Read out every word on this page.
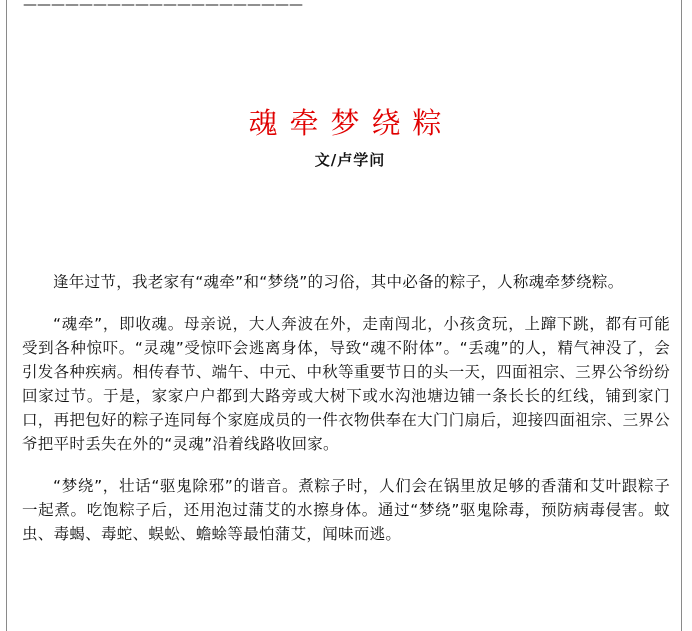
————————————————————
魂牵梦绕粽
文/卢学问

逢年过节，我老家有“魂牵”和“梦绕”的习俗，其中必备的粽子，人称魂牵梦绕粽。

“魂牵”，即收魂。母亲说，大人奔波在外，走南闯北，小孩贪玩，上蹿下跳，都有可能受到各种惊吓。“灵魂”受惊吓会逃离身体，导致“魂不附体”。“丢魂”的人，精气神没了，会引发各种疾病。相传春节、端午、中元、中秋等重要节日的头一天，四面祖宗、三界公爷纷纷回家过节。于是，家家户户都到大路旁或大树下或水沟池塘边铺一条长长的红线，铺到家门口，再把包好的粽子连同每个家庭成员的一件衣物供奉在大门门扇后，迎接四面祖宗、三界公爷把平时丢失在外的“灵魂”沿着线路收回家。

“梦绕”，壮话“驱鬼除邪”的谐音。煮粽子时，人们会在锅里放足够的香蒲和艾叶跟粽子一起煮。吃饱粽子后，还用泡过蒲艾的水擦身体。通过“梦绕”驱鬼除毒，预防病毒侵害。蚊虫、毒蝎、毒蛇、蜈蚣、蟾蜍等最怕蒲艾，闻味而逃。
